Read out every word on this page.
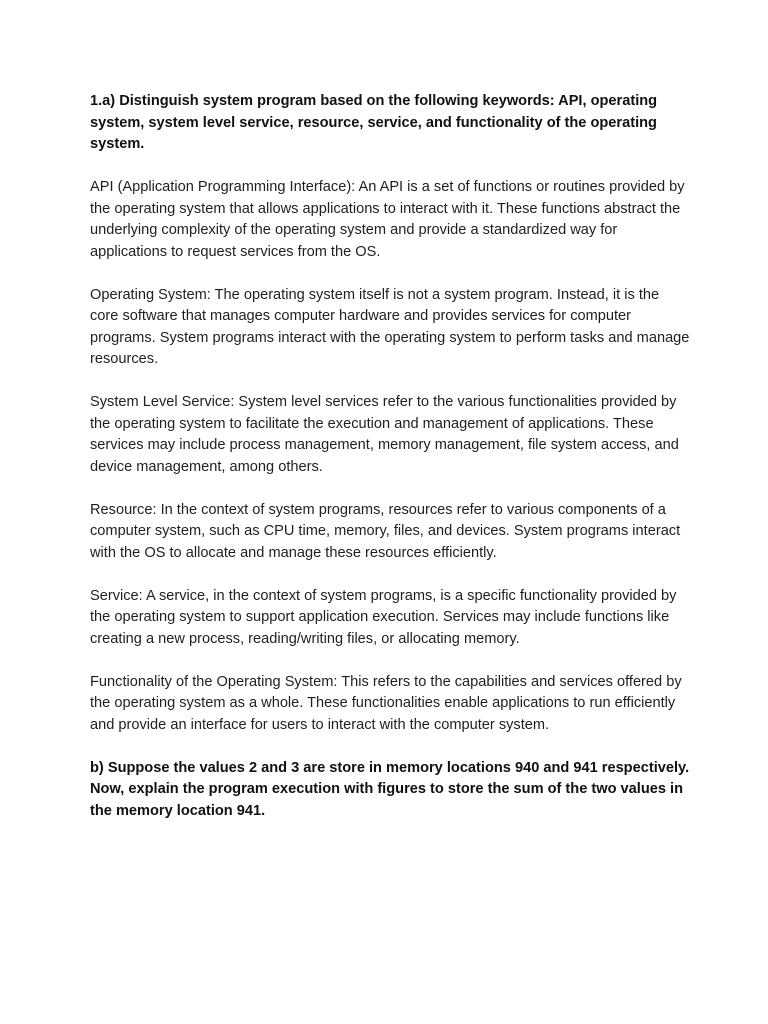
1.a) Distinguish system program based on the following keywords: API, operating system, system level service, resource, service, and functionality of the operating system.

API (Application Programming Interface): An API is a set of functions or routines provided by the operating system that allows applications to interact with it. These functions abstract the underlying complexity of the operating system and provide a standardized way for applications to request services from the OS.

Operating System: The operating system itself is not a system program. Instead, it is the core software that manages computer hardware and provides services for computer programs. System programs interact with the operating system to perform tasks and manage resources.

System Level Service: System level services refer to the various functionalities provided by the operating system to facilitate the execution and management of applications. These services may include process management, memory management, file system access, and device management, among others.

Resource: In the context of system programs, resources refer to various components of a computer system, such as CPU time, memory, files, and devices. System programs interact with the OS to allocate and manage these resources efficiently.

Service: A service, in the context of system programs, is a specific functionality provided by the operating system to support application execution. Services may include functions like creating a new process, reading/writing files, or allocating memory.

Functionality of the Operating System: This refers to the capabilities and services offered by the operating system as a whole. These functionalities enable applications to run efficiently and provide an interface for users to interact with the computer system.

b) Suppose the values 2 and 3 are store in memory locations 940 and 941 respectively. Now, explain the program execution with figures to store the sum of the two values in the memory location 941.
